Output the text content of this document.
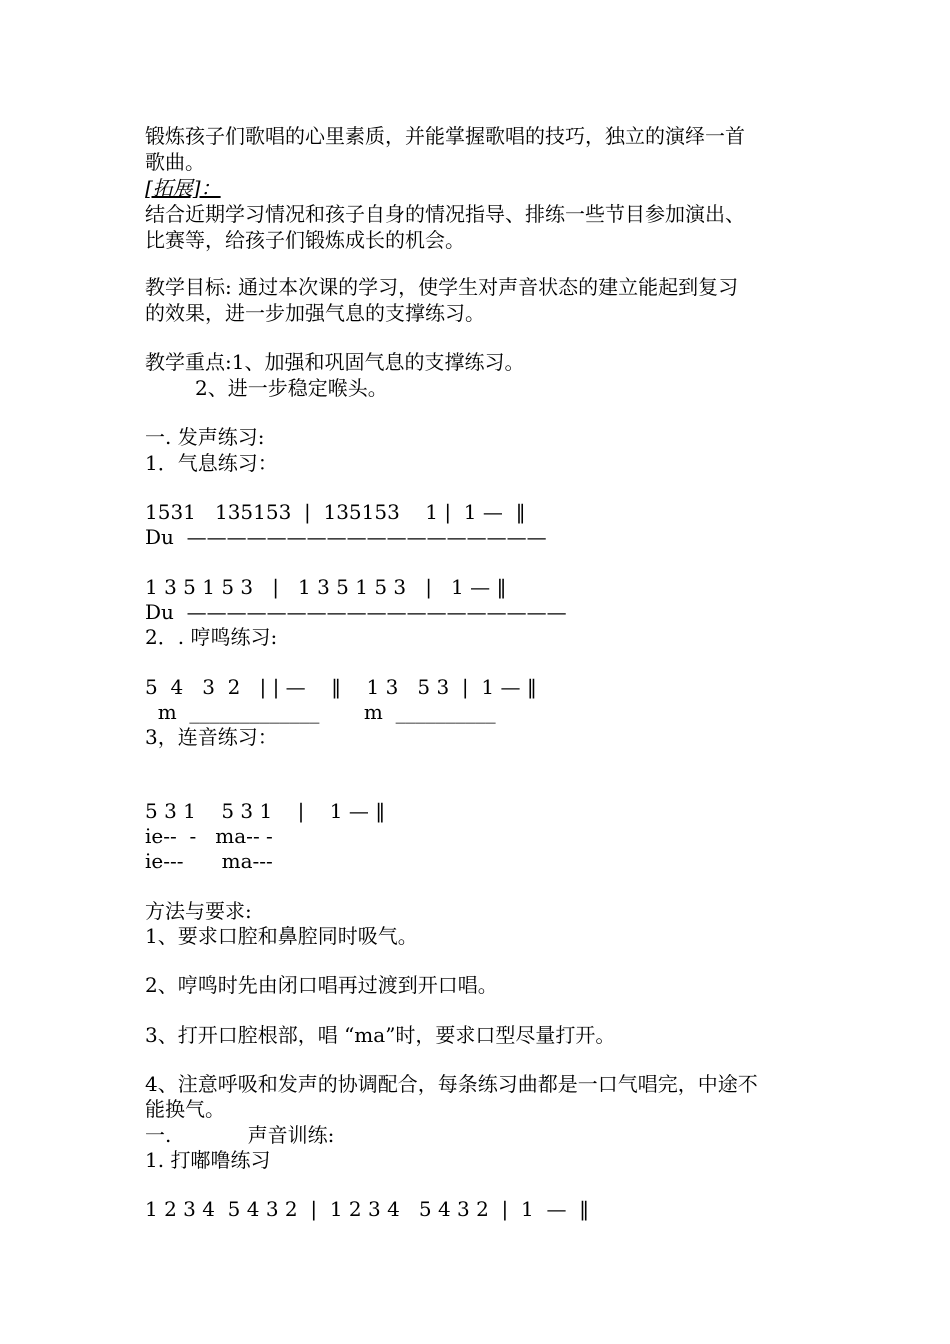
锻炼孩子们歌唱的心里素质，并能掌握歌唱的技巧，独立的演绎一首
歌曲。
[拓展]：
结合近期学习情况和孩子自身的情况指导、排练一些节目参加演出、
比赛等，给孩子们锻炼成长的机会。
教学目标: 通过本次课的学习，使学生对声音状态的建立能起到复习
的效果，进一步加强气息的支撑练习。
教学重点:1、加强和巩固气息的支撑练习。
2、进一步稳定喉头。
一. 发声练习:
1．气息练习：
1531   135153  |  135153    1 |  1 —  ‖
Du  ——————————————————
1 3 5 1 5 3   |   1 3 5 1 5 3   |   1 — ‖
Du  ———————————————————
2．. 哼鸣练习:
5  4   3  2   | | —    ‖    1 3   5 3  |  1 — ‖
m  _____________       m  __________
3，连音练习：
5 3 1    5 3 1    |    1 — ‖
ie--  -   ma-- -
ie---      ma---
方法与要求:
1、要求口腔和鼻腔同时吸气。
2、哼鸣时先由闭口唱再过渡到开口唱。
3、打开口腔根部，唱 “ma”时，要求口型尽量打开。
4、注意呼吸和发声的协调配合，每条练习曲都是一口气唱完，中途不
能换气。
一.            声音训练:
1. 打嘟噜练习
1 2 3 4  5 4 3 2  |  1 2 3 4   5 4 3 2  |  1  —  ‖
